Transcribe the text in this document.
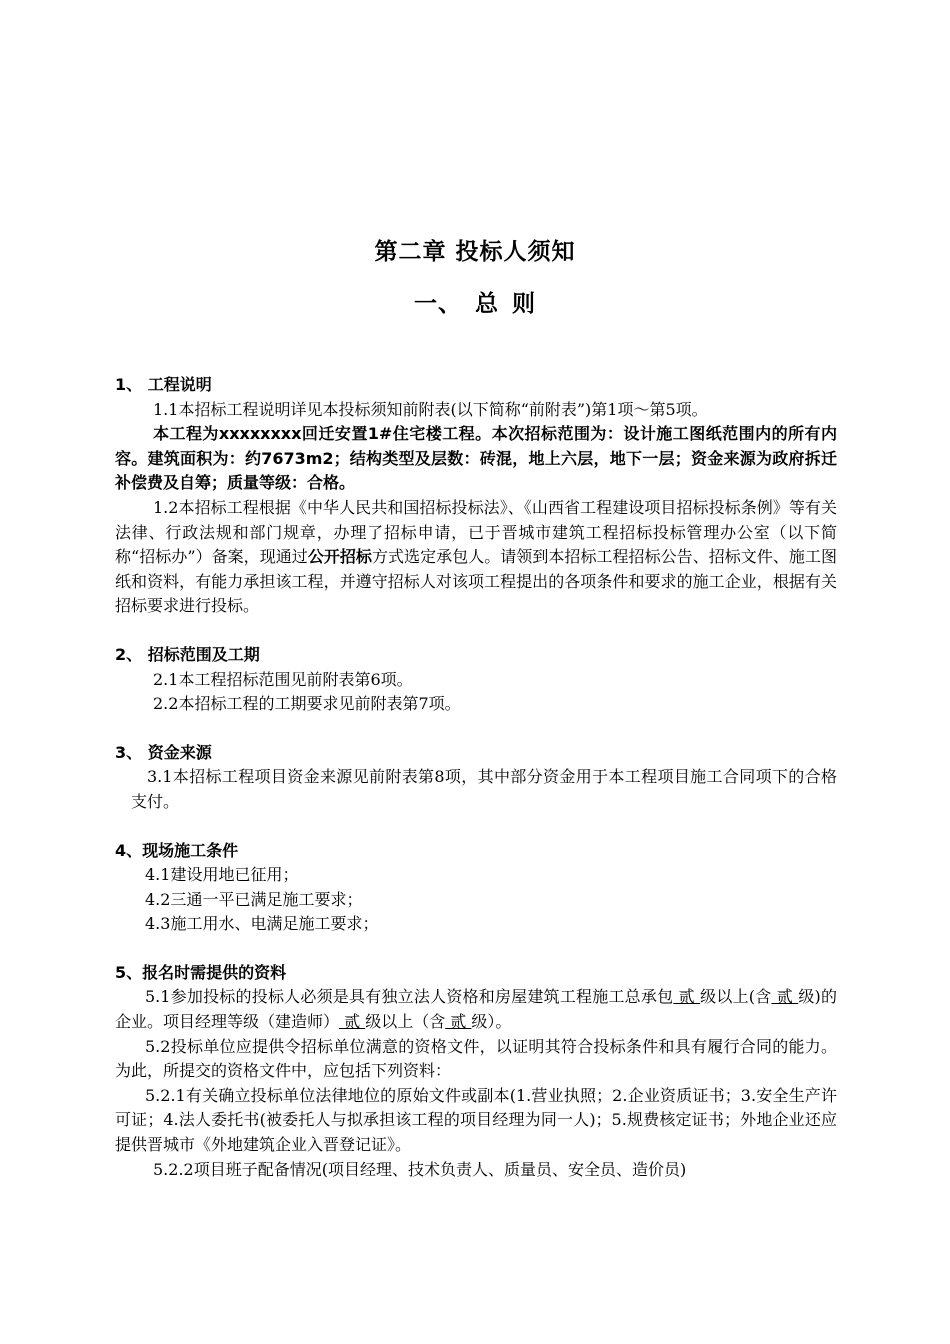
第二章 投标人须知
一、 总 则

1、 工程说明

1.1本招标工程说明详见本投标须知前附表(以下简称“前附表”)第1项～第5项。

本工程为xxxxxxxx回迁安置1#住宅楼工程。本次招标范围为：设计施工图纸范围内的所有内容。建筑面积为：约7673m2；结构类型及层数：砖混，地上六层，地下一层；资金来源为政府拆迁补偿费及自筹；质量等级：合格。

1.2本招标工程根据《中华人民共和国招标投标法》、《山西省工程建设项目招标投标条例》等有关法律、行政法规和部门规章，办理了招标申请，已于晋城市建筑工程招标投标管理办公室（以下简称“招标办”）备案，现通过公开招标方式选定承包人。请领到本招标工程招标公告、招标文件、施工图纸和资料，有能力承担该工程，并遵守招标人对该项工程提出的各项条件和要求的施工企业，根据有关招标要求进行投标。

2、 招标范围及工期

2.1本工程招标范围见前附表第6项。

2.2本招标工程的工期要求见前附表第7项。

3、 资金来源

3.1本招标工程项目资金来源见前附表第8项，其中部分资金用于本工程项目施工合同项下的合格支付。

4、现场施工条件

4.1建设用地已征用；

4.2三通一平已满足施工要求；

4.3施工用水、电满足施工要求；

5、报名时需提供的资料

5.1参加投标的投标人必须是具有独立法人资格和房屋建筑工程施工总承包 贰 级以上(含 贰 级)的企业。项目经理等级（建造师） 贰 级以上（含 贰 级）。

5.2投标单位应提供令招标单位满意的资格文件，以证明其符合投标条件和具有履行合同的能力。为此，所提交的资格文件中，应包括下列资料：

5.2.1有关确立投标单位法律地位的原始文件或副本(1.营业执照；2.企业资质证书；3.安全生产许可证；4.法人委托书(被委托人与拟承担该工程的项目经理为同一人)；5.规费核定证书；外地企业还应提供晋城市《外地建筑企业入晋登记证》。

5.2.2项目班子配备情况(项目经理、技术负责人、质量员、安全员、造价员)
